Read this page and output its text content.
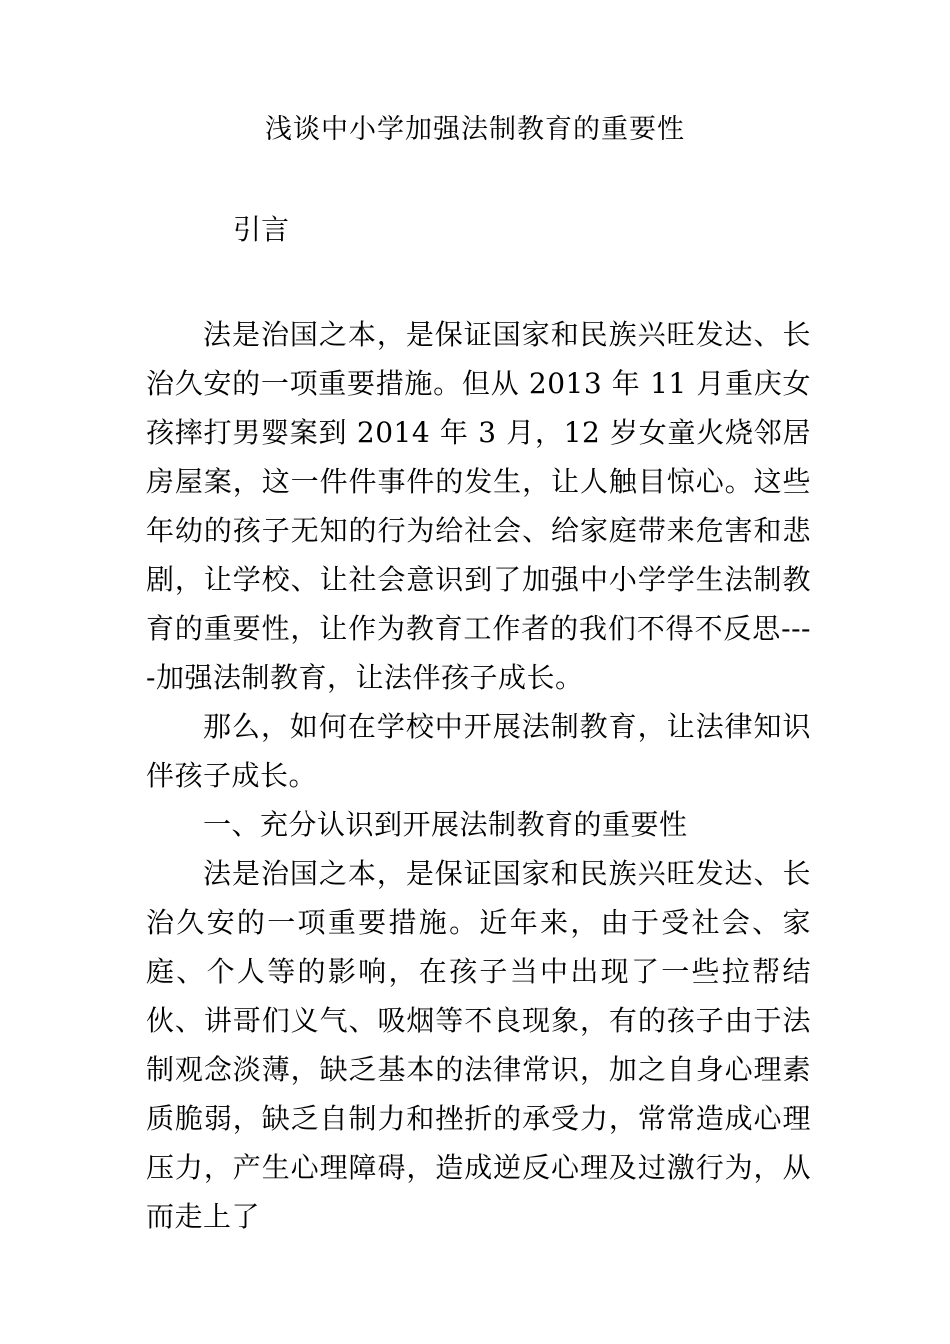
浅谈中小学加强法制教育的重要性
引言

法是治国之本，是保证国家和民族兴旺发达、长治久安的一项重要措施。但从 2013 年 11 月重庆女孩摔打男婴案到 2014 年 3 月，12 岁女童火烧邻居房屋案，这一件件事件的发生，让人触目惊心。这些年幼的孩子无知的行为给社会、给家庭带来危害和悲剧，让学校、让社会意识到了加强中小学学生法制教育的重要性，让作为教育工作者的我们不得不反思----加强法制教育，让法伴孩子成长。

那么，如何在学校中开展法制教育，让法律知识伴孩子成长。

一、充分认识到开展法制教育的重要性

法是治国之本，是保证国家和民族兴旺发达、长治久安的一项重要措施。近年来，由于受社会、家庭、个人等的影响，在孩子当中出现了一些拉帮结伙、讲哥们义气、吸烟等不良现象，有的孩子由于法制观念淡薄，缺乏基本的法律常识，加之自身心理素质脆弱，缺乏自制力和挫折的承受力，常常造成心理压力，产生心理障碍，造成逆反心理及过激行为，从而走上了
